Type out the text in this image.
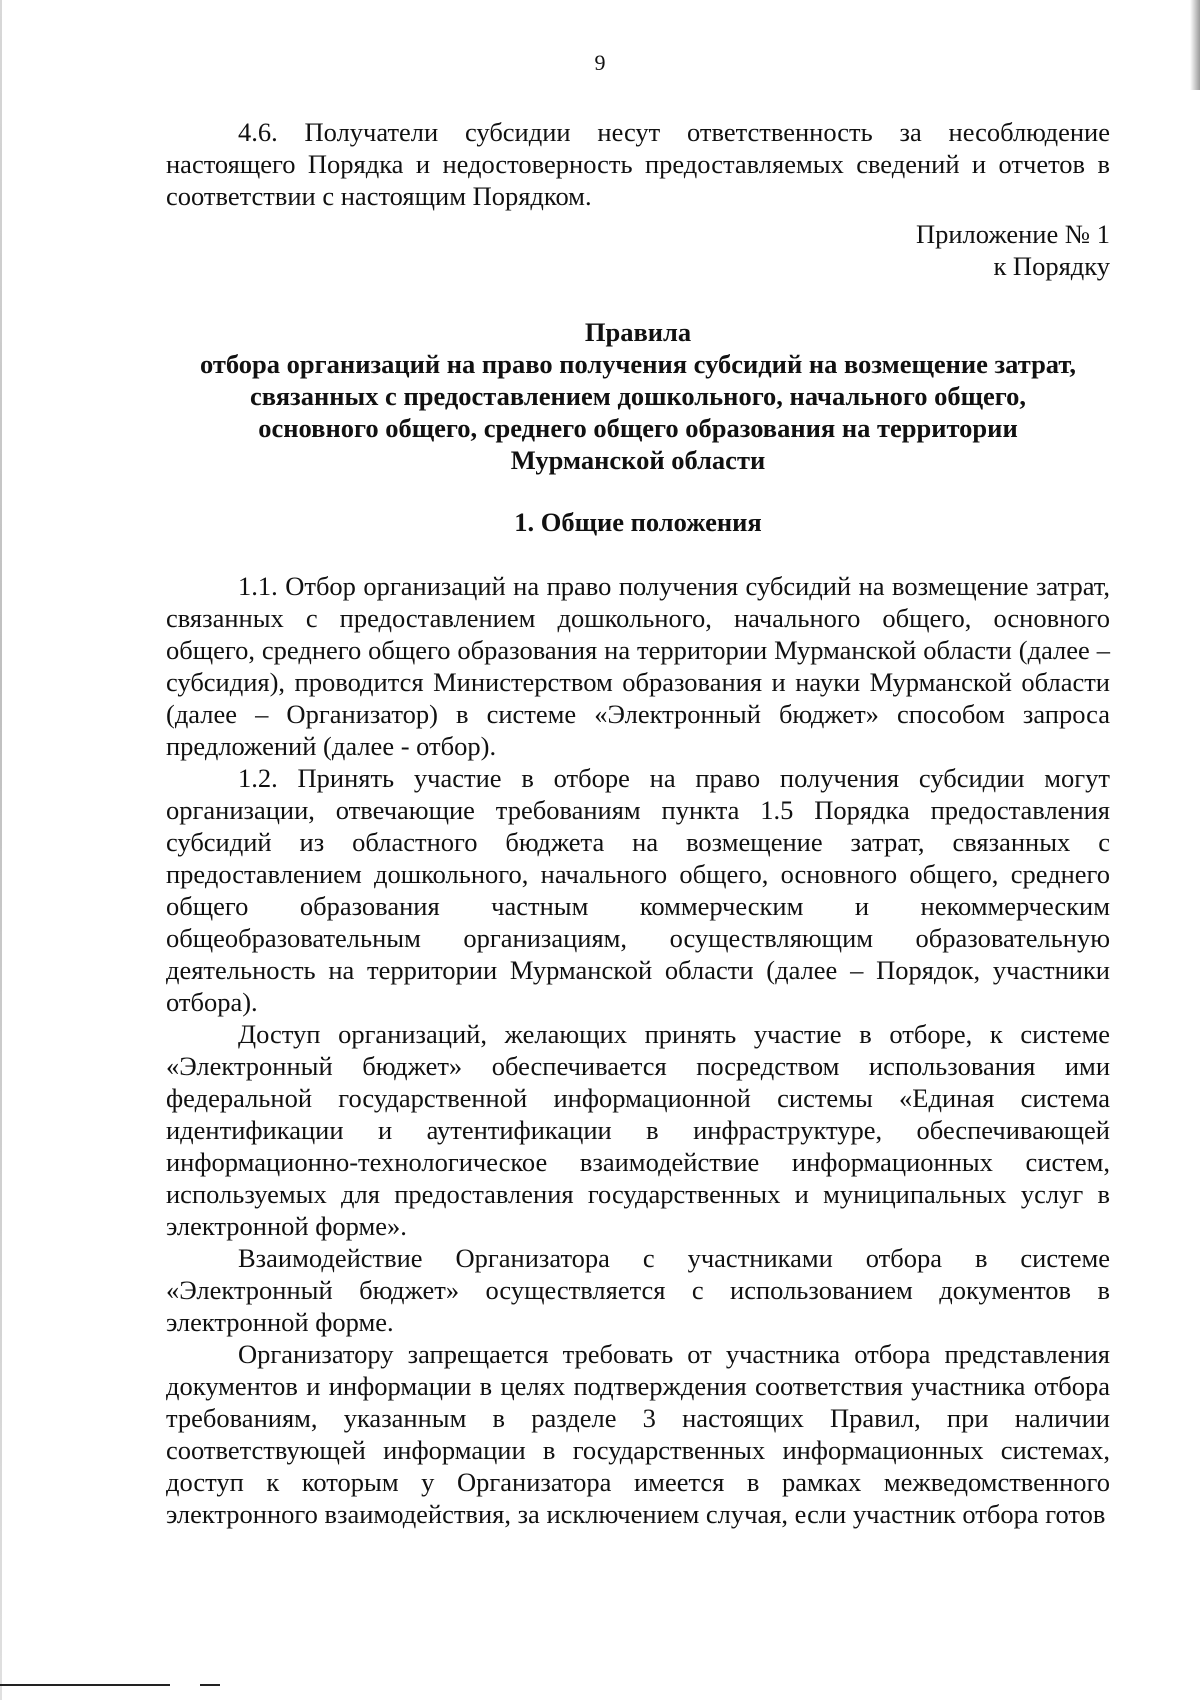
9

4.6. Получатели субсидии несут ответственность за несоблюдение настоящего Порядка и недостоверность предоставляемых сведений и отчетов в соответствии с настоящим Порядком.

Приложение № 1
к Порядку
Правила
отбора организаций на право получения субсидий на возмещение затрат,
связанных с предоставлением дошкольного, начального общего,
основного общего, среднего общего образования на территории
Мурманской области
1. Общие положения

1.1. Отбор организаций на право получения субсидий на возмещение затрат, связанных с предоставлением дошкольного, начального общего, основного общего, среднего общего образования на территории Мурманской области (далее – субсидия), проводится Министерством образования и науки Мурманской области (далее – Организатор) в системе «Электронный бюджет» способом запроса предложений (далее - отбор).

1.2. Принять участие в отборе на право получения субсидии могут организации, отвечающие требованиям пункта 1.5 Порядка предоставления субсидий из областного бюджета на возмещение затрат, связанных с предоставлением дошкольного, начального общего, основного общего, среднего общего образования частным коммерческим и некоммерческим общеобразовательным организациям, осуществляющим образовательную деятельность на территории Мурманской области (далее – Порядок, участники отбора).

Доступ организаций, желающих принять участие в отборе, к системе «Электронный бюджет» обеспечивается посредством использования ими федеральной государственной информационной системы «Единая система идентификации и аутентификации в инфраструктуре, обеспечивающей информационно-технологическое взаимодействие информационных систем, используемых для предоставления государственных и муниципальных услуг в электронной форме».

Взаимодействие Организатора с участниками отбора в системе «Электронный бюджет» осуществляется с использованием документов в электронной форме.

Организатору запрещается требовать от участника отбора представления документов и информации в целях подтверждения соответствия участника отбора требованиям, указанным в разделе 3 настоящих Правил, при наличии соответствующей информации в государственных информационных системах, доступ к которым у Организатора имеется в рамках межведомственного электронного взаимодействия, за исключением случая, если участник отбора готов
